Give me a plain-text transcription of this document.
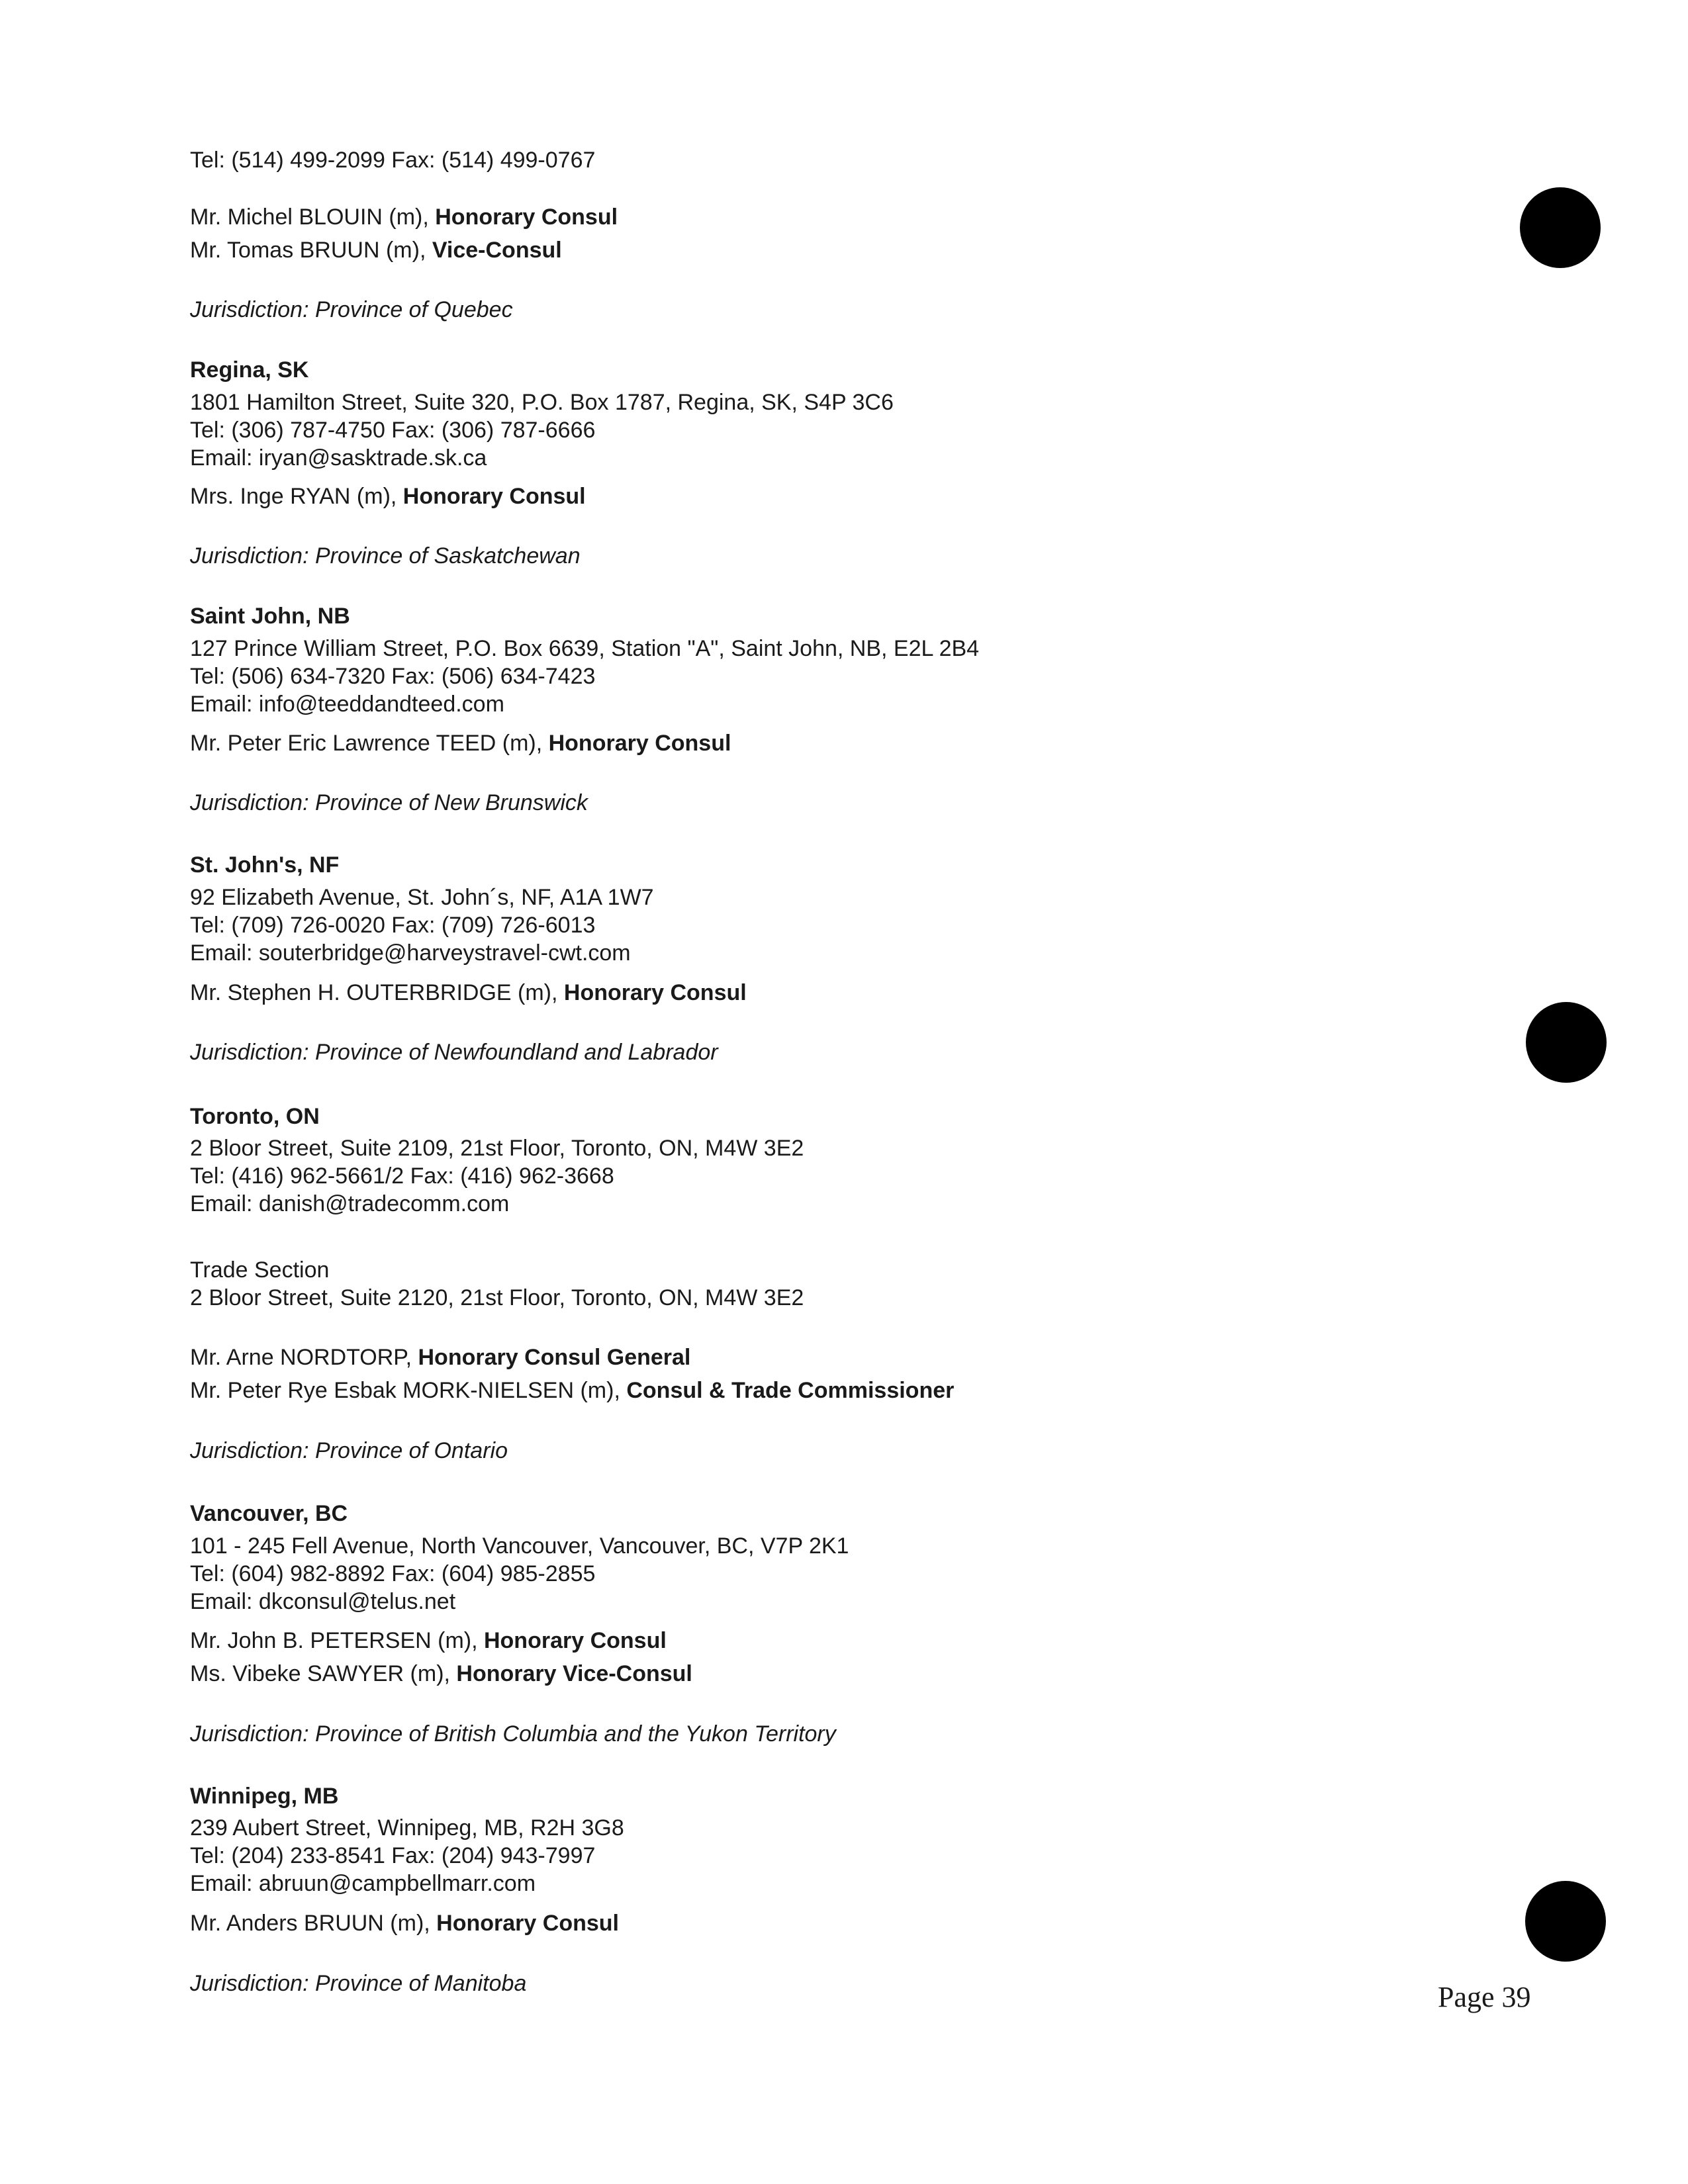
Tel: (514) 499-2099 Fax: (514) 499-0767
Mr. Michel BLOUIN (m), Honorary Consul
Mr. Tomas BRUUN (m), Vice-Consul
Jurisdiction: Province of Quebec
Regina, SK
1801 Hamilton Street, Suite 320, P.O. Box 1787, Regina, SK, S4P 3C6
Tel: (306) 787-4750 Fax: (306) 787-6666
Email: iryan@sasktrade.sk.ca
Mrs. Inge RYAN (m), Honorary Consul
Jurisdiction: Province of Saskatchewan
Saint John, NB
127 Prince William Street, P.O. Box 6639, Station "A", Saint John, NB, E2L 2B4
Tel: (506) 634-7320 Fax: (506) 634-7423
Email: info@teeddandteed.com
Mr. Peter Eric Lawrence TEED (m), Honorary Consul
Jurisdiction: Province of New Brunswick
St. John's, NF
92 Elizabeth Avenue, St. John´s, NF, A1A 1W7
Tel: (709) 726-0020 Fax: (709) 726-6013
Email: souterbridge@harveystravel-cwt.com
Mr. Stephen H. OUTERBRIDGE (m), Honorary Consul
Jurisdiction: Province of Newfoundland and Labrador
Toronto, ON
2 Bloor Street, Suite 2109, 21st Floor, Toronto, ON, M4W 3E2
Tel: (416) 962-5661/2 Fax: (416) 962-3668
Email: danish@tradecomm.com
Trade Section
2 Bloor Street, Suite 2120, 21st Floor, Toronto, ON, M4W 3E2
Mr. Arne NORDTORP, Honorary Consul General
Mr. Peter Rye Esbak MORK-NIELSEN (m), Consul & Trade Commissioner
Jurisdiction: Province of Ontario
Vancouver, BC
101 - 245 Fell Avenue, North Vancouver, Vancouver, BC, V7P 2K1
Tel: (604) 982-8892 Fax: (604) 985-2855
Email: dkconsul@telus.net
Mr. John B. PETERSEN (m), Honorary Consul
Ms. Vibeke SAWYER (m), Honorary Vice-Consul
Jurisdiction: Province of British Columbia and the Yukon Territory
Winnipeg, MB
239 Aubert Street, Winnipeg, MB, R2H 3G8
Tel: (204) 233-8541 Fax: (204) 943-7997
Email: abruun@campbellmarr.com
Mr. Anders BRUUN (m), Honorary Consul
Jurisdiction: Province of Manitoba	Page 39
